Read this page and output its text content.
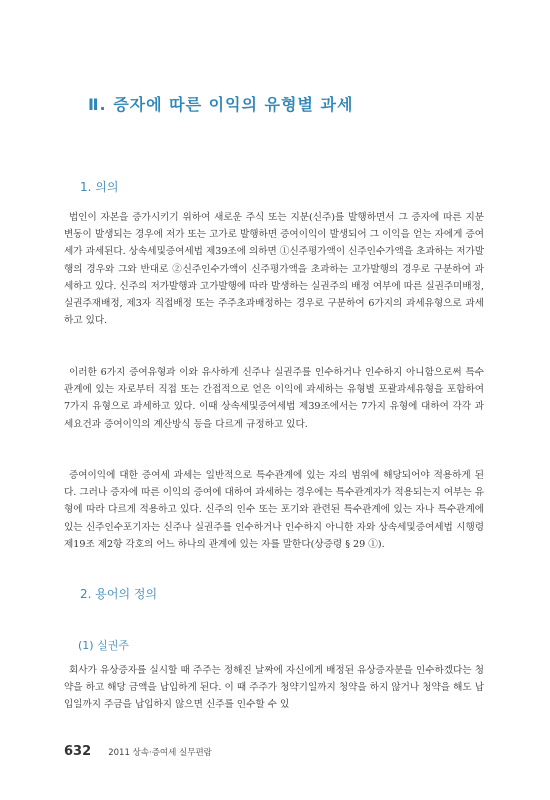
Ⅱ. 증자에 따른 이익의 유형별 과세
1. 의의

법인이 자본을 증가시키기 위하여 새로운 주식 또는 지분(신주)를 발행하면서 그 증자에 따른 지분 변동이 발생되는 경우에 저가 또는 고가로 발행하면 증여이익이 발생되어 그 이익을 얻는 자에게 증여세가 과세된다. 상속세및증여세법 제39조에 의하면 ①신주평가액이 신주인수가액을 초과하는 저가발행의 경우와 그와 반대로 ②신주인수가액이 신주평가액을 초과하는 고가발행의 경우로 구분하여 과세하고 있다. 신주의 저가발행과 고가발행에 따라 발생하는 실권주의 배정 여부에 따른 실권주미배정, 실권주재배정, 제3자 직접배정 또는 주주초과배정하는 경우로 구분하여 6가지의 과세유형으로 과세하고 있다.

이러한 6가지 증여유형과 이와 유사하게 신주나 실권주를 인수하거나 인수하지 아니함으로써 특수관계에 있는 자로부터 직접 또는 간접적으로 얻은 이익에 과세하는 유형별 포괄과세유형을 포함하여 7가지 유형으로 과세하고 있다. 이때 상속세및증여세법 제39조에서는 7가지 유형에 대하여 각각 과세요건과 증여이익의 계산방식 등을 다르게 규정하고 있다.

증여이익에 대한 증여세 과세는 일반적으로 특수관계에 있는 자의 범위에 해당되어야 적용하게 된다. 그러나 증자에 따른 이익의 증여에 대하여 과세하는 경우에는 특수관계자가 적용되는지 여부는 유형에 따라 다르게 적용하고 있다. 신주의 인수 또는 포기와 관련된 특수관계에 있는 자나 특수관계에 있는 신주인수포기자는 신주나 실권주를 인수하거나 인수하지 아니한 자와 상속세및증여세법 시행령 제19조 제2항 각호의 어느 하나의 관계에 있는 자를 말한다(상증령 § 29 ①).

2. 용어의 정의
(1) 실권주

회사가 유상증자를 실시할 때 주주는 정해진 날짜에 자신에게 배정된 유상증자분을 인수하겠다는 청약을 하고 해당 금액을 납입하게 된다. 이 때 주주가 청약기일까지 청약을 하지 않거나 청약을 해도 납입일까지 주금을 납입하지 않으면 신주를 인수할 수 있

632 2011 상속·증여세 실무편람
